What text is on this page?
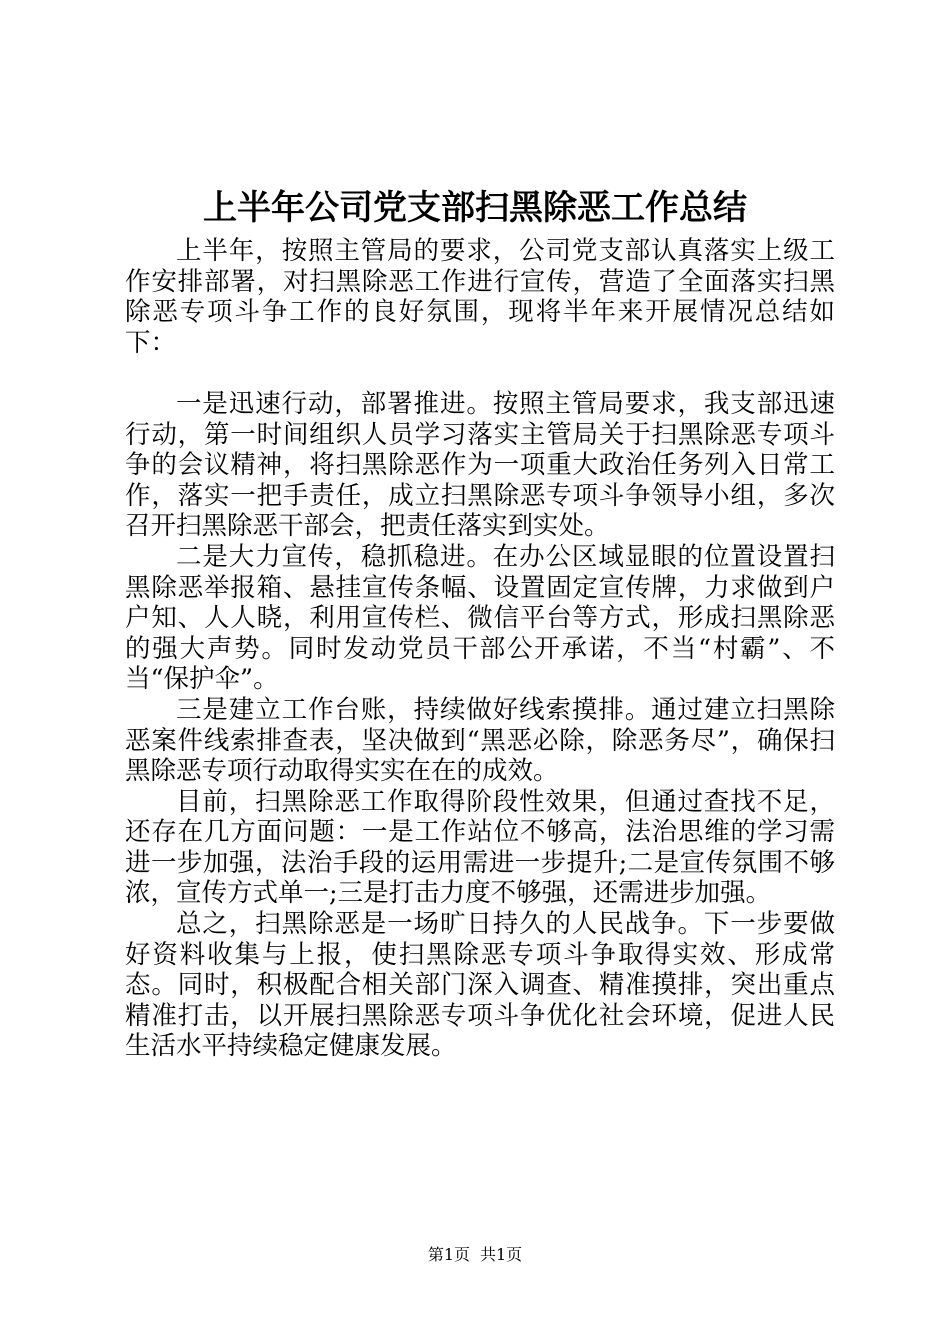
上半年公司党支部扫黑除恶工作总结

上半年，按照主管局的要求，公司党支部认真落实上级工作安排部署，对扫黑除恶工作进行宣传，营造了全面落实扫黑除恶专项斗争工作的良好氛围，现将半年来开展情况总结如下：

一是迅速行动，部署推进。按照主管局要求，我支部迅速行动，第一时间组织人员学习落实主管局关于扫黑除恶专项斗争的会议精神，将扫黑除恶作为一项重大政治任务列入日常工作，落实一把手责任，成立扫黑除恶专项斗争领导小组，多次召开扫黑除恶干部会，把责任落实到实处。

二是大力宣传，稳抓稳进。在办公区域显眼的位置设置扫黑除恶举报箱、悬挂宣传条幅、设置固定宣传牌，力求做到户户知、人人晓，利用宣传栏、微信平台等方式，形成扫黑除恶的强大声势。同时发动党员干部公开承诺，不当“村霸”、不当“保护伞”。

三是建立工作台账，持续做好线索摸排。通过建立扫黑除恶案件线索排查表，坚决做到“黑恶必除，除恶务尽”，确保扫黑除恶专项行动取得实实在在的成效。

目前，扫黑除恶工作取得阶段性效果，但通过查找不足，还存在几方面问题：一是工作站位不够高，法治思维的学习需进一步加强，法治手段的运用需进一步提升;二是宣传氛围不够浓，宣传方式单一;三是打击力度不够强，还需进步加强。

总之，扫黑除恶是一场旷日持久的人民战争。下一步要做好资料收集与上报，使扫黑除恶专项斗争取得实效、形成常态。同时，积极配合相关部门深入调查、精准摸排，突出重点精准打击，以开展扫黑除恶专项斗争优化社会环境，促进人民生活水平持续稳定健康发展。

第1页 共1页
